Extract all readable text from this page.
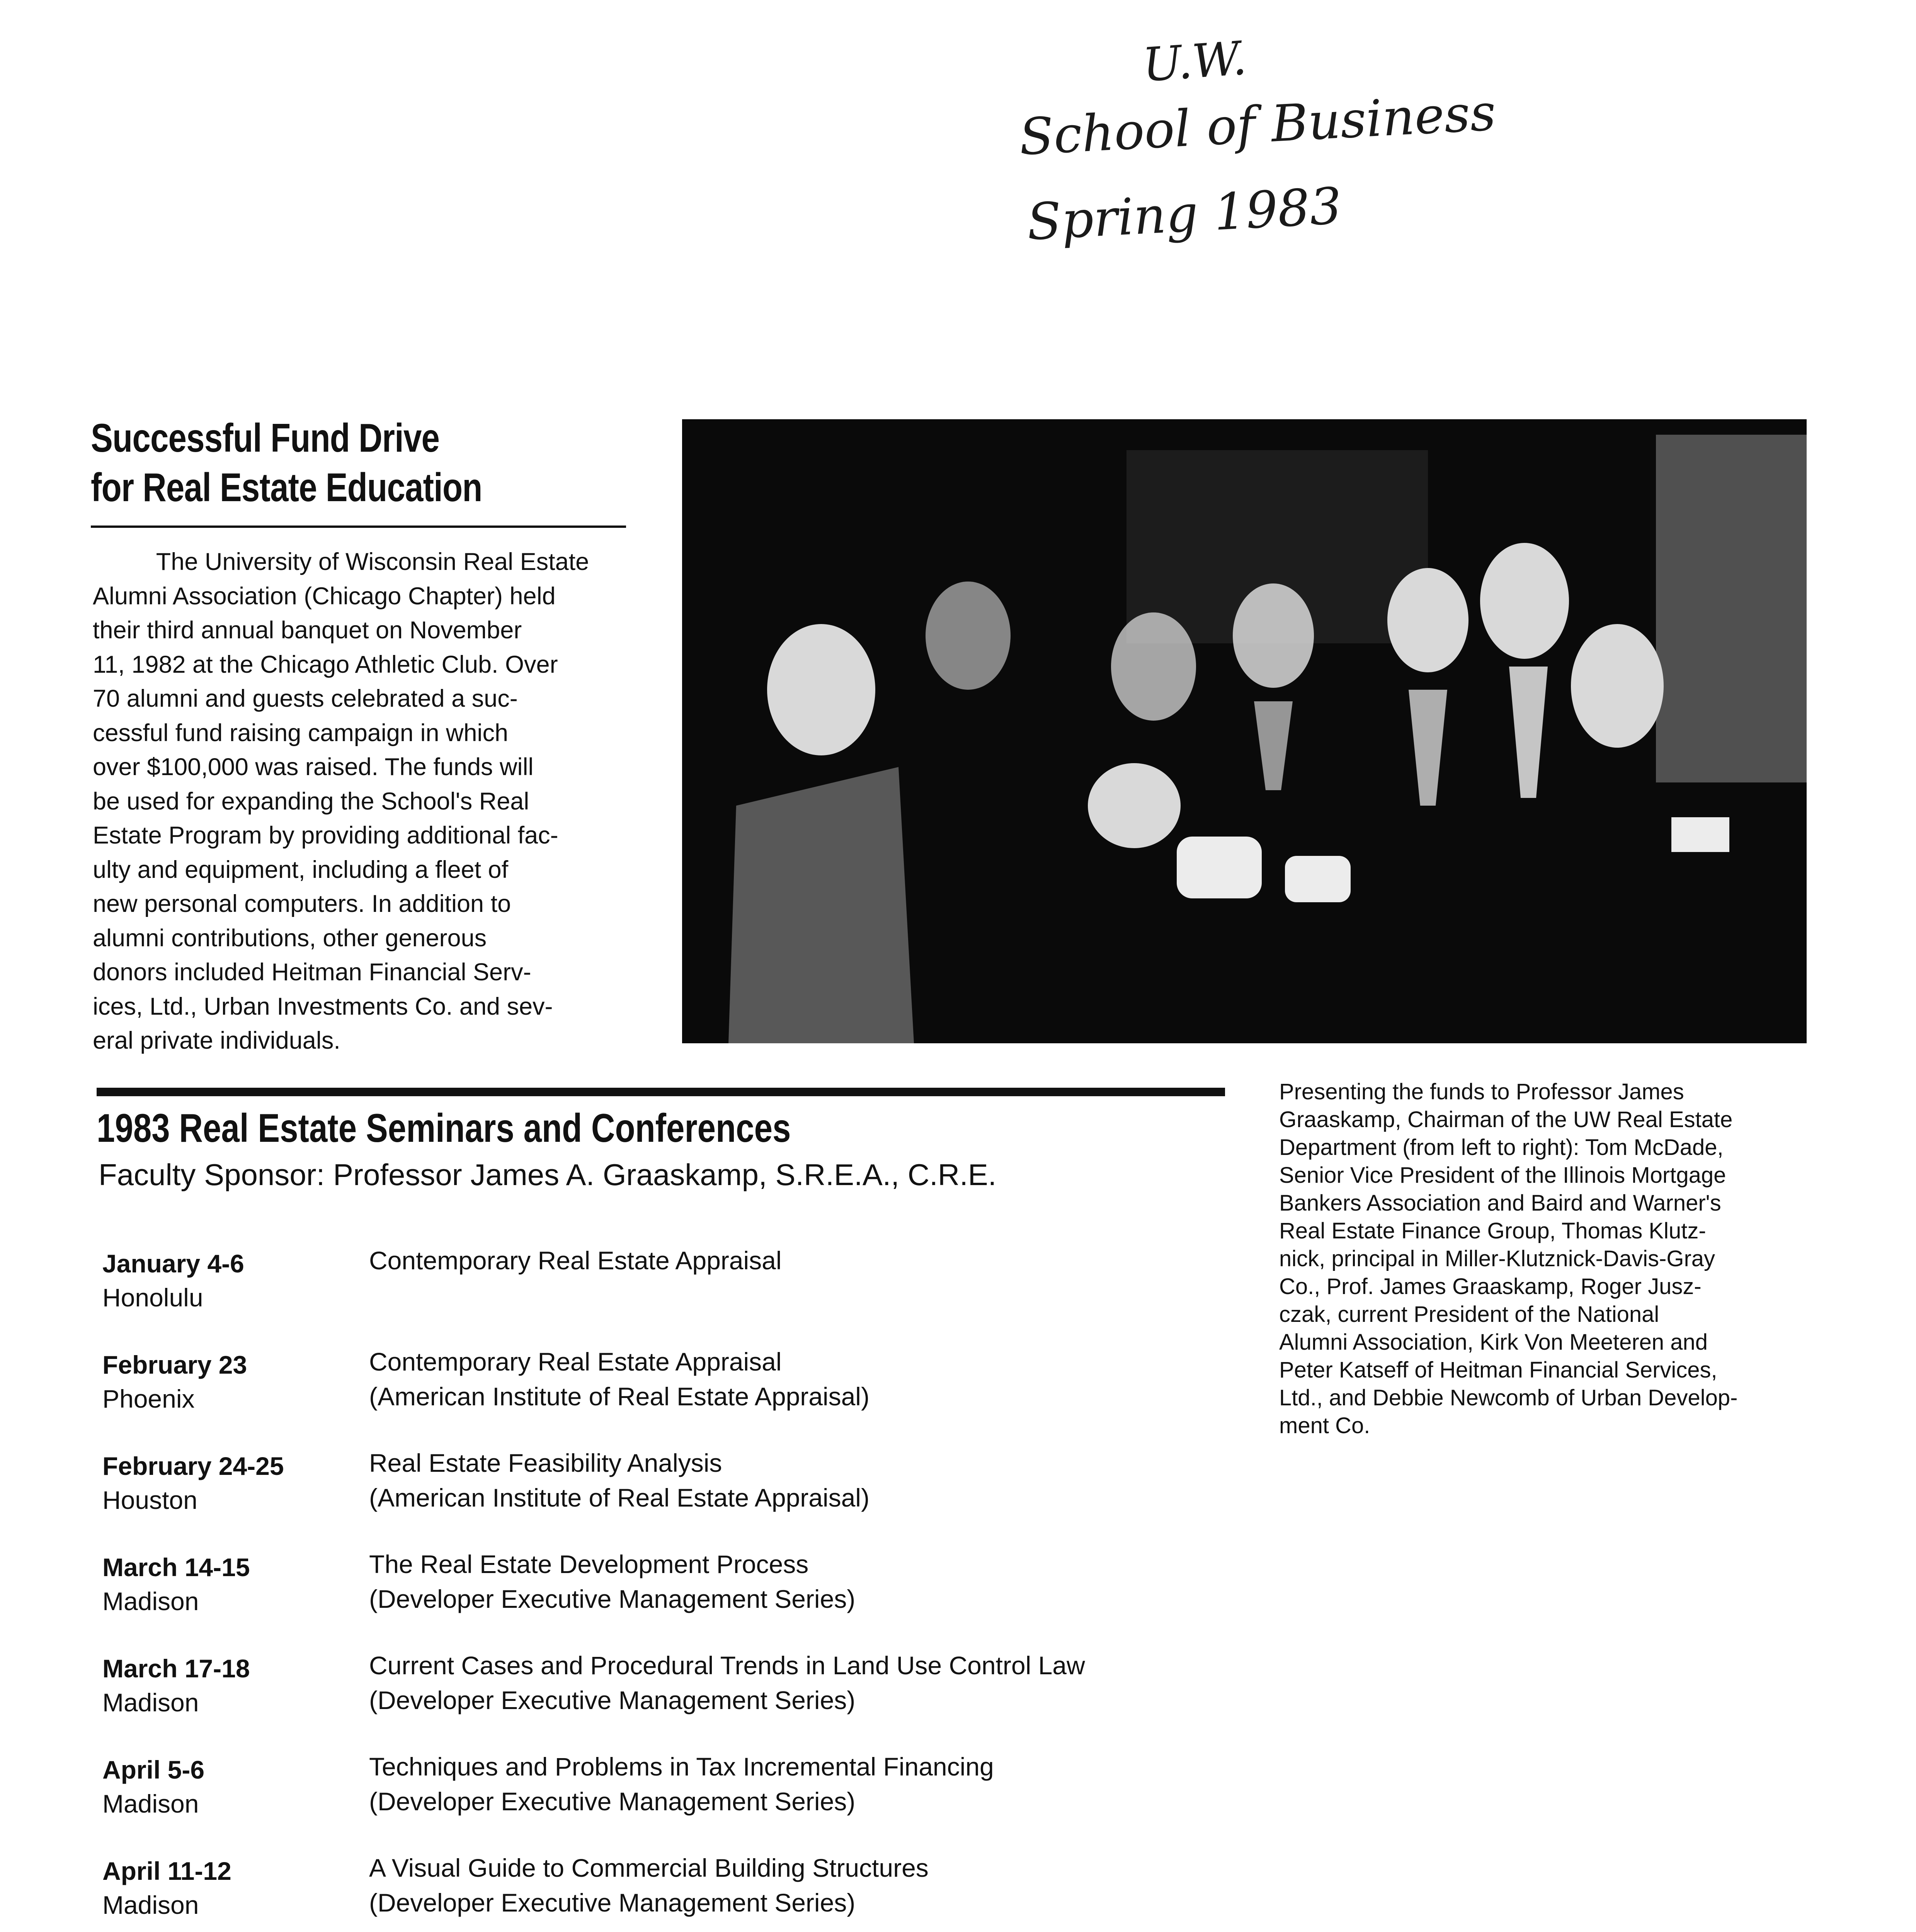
U.W.
School of Business
Spring 1983
Successful Fund Drive
for Real Estate Education
The University of Wisconsin Real Estate
Alumni Association (Chicago Chapter) held
their third annual banquet on November
11, 1982 at the Chicago Athletic Club. Over
70 alumni and guests celebrated a suc-
cessful fund raising campaign in which
over $100,000 was raised. The funds will
be used for expanding the School's Real
Estate Program by providing additional fac-
ulty and equipment, including a fleet of
new personal computers. In addition to
alumni contributions, other generous
donors included Heitman Financial Serv-
ices, Ltd., Urban Investments Co. and sev-
eral private individuals.
Presenting the funds to Professor James
Graaskamp, Chairman of the UW Real Estate
Department (from left to right): Tom McDade,
Senior Vice President of the Illinois Mortgage
Bankers Association and Baird and Warner's
Real Estate Finance Group, Thomas Klutz-
nick, principal in Miller-Klutznick-Davis-Gray
Co., Prof. James Graaskamp, Roger Jusz-
czak, current President of the National
Alumni Association, Kirk Von Meeteren and
Peter Katseff of Heitman Financial Services,
Ltd., and Debbie Newcomb of Urban Develop-
ment Co.
1983 Real Estate Seminars and Conferences
Faculty Sponsor: Professor James A. Graaskamp, S.R.E.A., C.R.E.
January 4-6
Honolulu
Contemporary Real Estate Appraisal
February 23
Phoenix
Contemporary Real Estate Appraisal
(American Institute of Real Estate Appraisal)
February 24-25
Houston
Real Estate Feasibility Analysis
(American Institute of Real Estate Appraisal)
March 14-15
Madison
The Real Estate Development Process
(Developer Executive Management Series)
March 17-18
Madison
Current Cases and Procedural Trends in Land Use Control Law
(Developer Executive Management Series)
April 5-6
Madison
Techniques and Problems in Tax Incremental Financing
(Developer Executive Management Series)
April 11-12
Madison
A Visual Guide to Commercial Building Structures
(Developer Executive Management Series)
